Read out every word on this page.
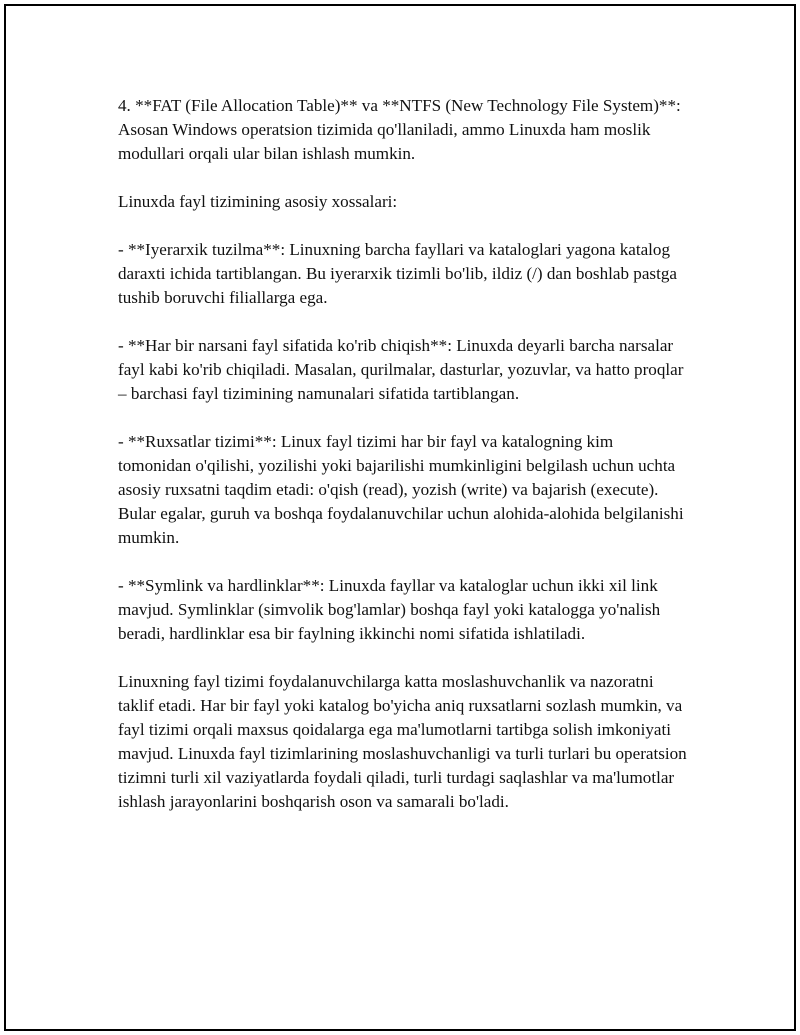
4. **FAT (File Allocation Table)** va **NTFS (New Technology File System)**: Asosan Windows operatsion tizimida qo'llaniladi, ammo Linuxda ham moslik modullari orqali ular bilan ishlash mumkin.

Linuxda fayl tizimining asosiy xossalari:

- **Iyerarxik tuzilma**: Linuxning barcha fayllari va kataloglari yagona katalog daraxti ichida tartiblangan. Bu iyerarxik tizimli bo'lib, ildiz (/) dan boshlab pastga tushib boruvchi filiallarga ega.

- **Har bir narsani fayl sifatida ko'rib chiqish**: Linuxda deyarli barcha narsalar fayl kabi ko'rib chiqiladi. Masalan, qurilmalar, dasturlar, yozuvlar, va hatto proqlar – barchasi fayl tizimining namunalari sifatida tartiblangan.

- **Ruxsatlar tizimi**: Linux fayl tizimi har bir fayl va katalogning kim tomonidan o'qilishi, yozilishi yoki bajarilishi mumkinligini belgilash uchun uchta asosiy ruxsatni taqdim etadi: o'qish (read), yozish (write) va bajarish (execute). Bular egalar, guruh va boshqa foydalanuvchilar uchun alohida-alohida belgilanishi mumkin.

- **Symlink va hardlinklar**: Linuxda fayllar va kataloglar uchun ikki xil link mavjud. Symlinklar (simvolik bog'lamlar) boshqa fayl yoki katalogga yo'nalish beradi, hardlinklar esa bir faylning ikkinchi nomi sifatida ishlatiladi.

Linuxning fayl tizimi foydalanuvchilarga katta moslashuvchanlik va nazoratni taklif etadi. Har bir fayl yoki katalog bo'yicha aniq ruxsatlarni sozlash mumkin, va fayl tizimi orqali maxsus qoidalarga ega ma'lumotlarni tartibga solish imkoniyati mavjud. Linuxda fayl tizimlarining moslashuvchanligi va turli turlari bu operatsion tizimni turli xil vaziyatlarda foydali qiladi, turli turdagi saqlashlar va ma'lumotlar ishlash jarayonlarini boshqarish oson va samarali bo'ladi.
